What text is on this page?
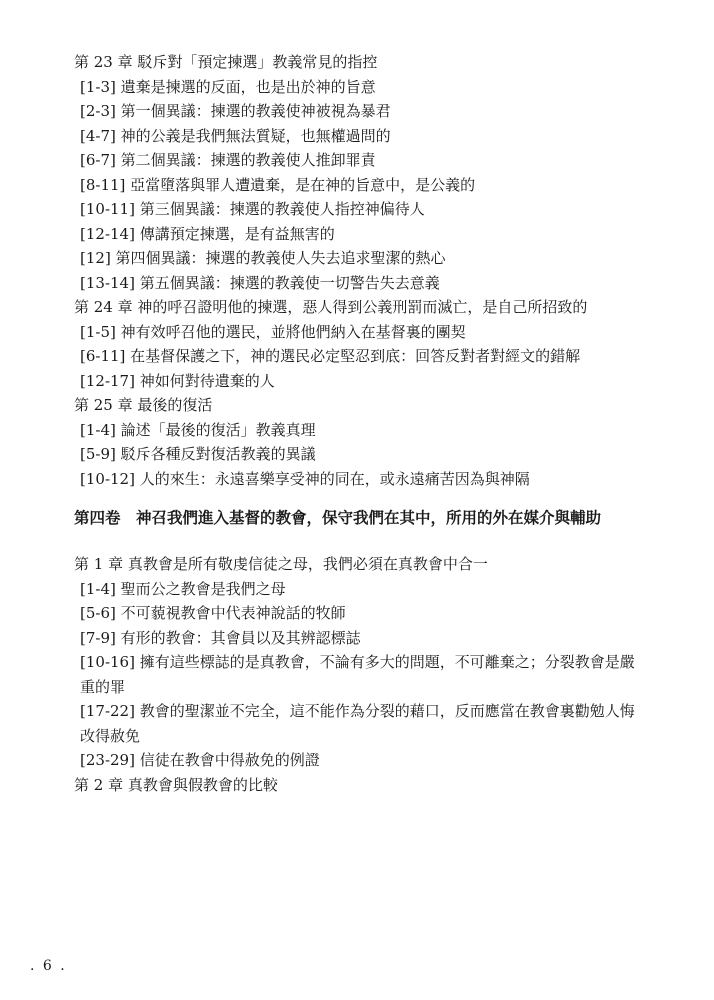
第 23 章 駁斥對「預定揀選」教義常見的指控

[1-3] 遺棄是揀選的反面，也是出於神的旨意

[2-3] 第一個異議：揀選的教義使神被視為暴君

[4-7] 神的公義是我們無法質疑，也無權過問的

[6-7] 第二個異議：揀選的教義使人推卸罪責

[8-11] 亞當墮落與罪人遭遺棄，是在神的旨意中，是公義的

[10-11] 第三個異議：揀選的教義使人指控神偏待人

[12-14] 傳講預定揀選，是有益無害的

[12] 第四個異議：揀選的教義使人失去追求聖潔的熱心

[13-14] 第五個異議：揀選的教義使一切警告失去意義

第 24 章 神的呼召證明他的揀選，惡人得到公義刑罰而滅亡，是自己所招致的

[1-5] 神有效呼召他的選民，並將他們納入在基督裏的團契

[6-11] 在基督保護之下，神的選民必定堅忍到底：回答反對者對經文的錯解

[12-17] 神如何對待遺棄的人

第 25 章 最後的復活

[1-4] 論述「最後的復活」教義真理

[5-9] 駁斥各種反對復活教義的異議

[10-12] 人的來生：永遠喜樂享受神的同在，或永遠痛苦因為與神隔

第四卷　神召我們進入基督的教會，保守我們在其中，所用的外在媒介與輔助

第 1 章 真教會是所有敬虔信徒之母，我們必須在真教會中合一

[1-4] 聖而公之教會是我們之母

[5-6] 不可藐視教會中代表神說話的牧師

[7-9] 有形的教會：其會員以及其辨認標誌

[10-16] 擁有這些標誌的是真教會，不論有多大的問題，不可離棄之；分裂教會是嚴重的罪

[17-22] 教會的聖潔並不完全，這不能作為分裂的藉口，反而應當在教會裏勸勉人悔改得赦免

[23-29] 信徒在教會中得赦免的例證

第 2 章 真教會與假教會的比較

. 6 .
